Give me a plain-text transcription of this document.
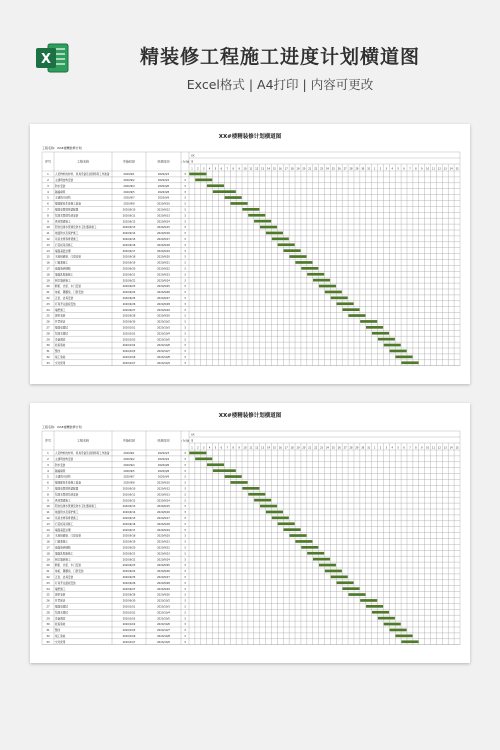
X	精装修工程施工进度计划横道图
Excel格式 | A4打印 | 内容可更改
XX#楼精装修计划横道图
工程名称：XX#楼精装修计划
序号	工程名称	开始时间	结束时间	工作天数
XX
月
1 2 3 4 5 6 7 8 9 10 11 12 13 14 15 16 17 18 19 20 21 22 23 24 25 26 27 28 29 30 31 1 2 3 4 5 6 7 8 9 10 11 12 13 14 15
1 人员物料的材料、机具设备及到现场等工作准备	2020/9/1	2020/9/3	3
2 主建筑结构安装	2020/9/2	2020/9/4	3
3 防水安装	2020/9/4	2020/9/6	3
4 隔墙砌筑	2020/9/5	2020/9/8	3
5 主建筑天结构	2020/9/7	2020/9/9	3
6 强弱配电系统施工准备	2020/9/8	2020/9/10	3
7 强弱电管道预留配置	2020/9/10	2020/9/12	3
8 给排水管道系统安装	2020/9/11	2020/9/13	3
9 供热管道施工	2020/9/12	2020/9/14	3
10 阳台给排水管道及防水卫生器具施工	2020/9/13	2020/9/15	3
11 地面防水及保护施工	2020/9/14	2020/9/16	3
12 吊顶龙骨等骨架施工	2020/9/15	2020/9/17	3
13 石膏板吊顶施工	2020/9/16	2020/9/18	3
14 墙面基层处理	2020/9/17	2020/9/19	3
15 木地板铺装、门扇安装	2020/9/18	2020/9/20	3
16 门窗套施工	2020/9/19	2020/9/21	3
17 地面瓷砖铺贴	2020/9/20	2020/9/22	3
18 墙面乳胶漆施工	2020/9/21	2020/9/23	3
19 厨卫墙砖施工	2020/9/22	2020/9/24	3
20 橱柜、衣柜、木门安装	2020/9/23	2020/9/25	3
21 地板、踢脚线、门套安装	2020/9/24	2020/9/26	3
22 五金、洁具安装	2020/9/25	2020/9/27	3
23 灯具开关面板安装	2020/9/26	2020/9/28	3
24 墙纸施工	2020/9/27	2020/9/29	3
25 窗帘安装	2020/9/28	2020/9/30	3
26 开荒保洁	2020/9/30	2020/10/2	3
27 强弱电调试	2020/10/1	2020/10/3	3
28 给排水调试	2020/10/2	2020/10/4	3
29 设备调试	2020/10/3	2020/10/5	3
30 检查验收	2020/10/4	2020/10/6	3
31 整改	2020/10/5	2020/10/7	3
32 竣工验收	2020/10/6	2020/10/8	3
33 交付使用	2020/10/7	2020/10/9	3
XX#楼精装修计划横道图
工程名称：XX#楼精装修计划
序号	工程名称	开始时间	结束时间	工作天数
XX
月
1 2 3 4 5 6 7 8 9 10 11 12 13 14 15 16 17 18 19 20 21 22 23 24 25 26 27 28 29 30 31 1 2 3 4 5 6 7 8 9 10 11 12 13 14 15
1 人员物料的材料、机具设备及到现场等工作准备	2020/9/1	2020/9/3	3
2 主建筑结构安装	2020/9/2	2020/9/4	3
3 防水安装	2020/9/4	2020/9/6	3
4 隔墙砌筑	2020/9/5	2020/9/8	3
5 主建筑天结构	2020/9/7	2020/9/9	3
6 强弱配电系统施工准备	2020/9/8	2020/9/10	3
7 强弱电管道预留配置	2020/9/10	2020/9/12	3
8 给排水管道系统安装	2020/9/11	2020/9/13	3
9 供热管道施工	2020/9/12	2020/9/14	3
10 阳台给排水管道及防水卫生器具施工	2020/9/13	2020/9/15	3
11 地面防水及保护施工	2020/9/14	2020/9/16	3
12 吊顶龙骨等骨架施工	2020/9/15	2020/9/17	3
13 石膏板吊顶施工	2020/9/16	2020/9/18	3
14 墙面基层处理	2020/9/17	2020/9/19	3
15 木地板铺装、门扇安装	2020/9/18	2020/9/20	3
16 门窗套施工	2020/9/19	2020/9/21	3
17 地面瓷砖铺贴	2020/9/20	2020/9/22	3
18 墙面乳胶漆施工	2020/9/21	2020/9/23	3
19 厨卫墙砖施工	2020/9/22	2020/9/24	3
20 橱柜、衣柜、木门安装	2020/9/23	2020/9/25	3
21 地板、踢脚线、门套安装	2020/9/24	2020/9/26	3
22 五金、洁具安装	2020/9/25	2020/9/27	3
23 灯具开关面板安装	2020/9/26	2020/9/28	3
24 墙纸施工	2020/9/27	2020/9/29	3
25 窗帘安装	2020/9/28	2020/9/30	3
26 开荒保洁	2020/9/30	2020/10/2	3
27 强弱电调试	2020/10/1	2020/10/3	3
28 给排水调试	2020/10/2	2020/10/4	3
29 设备调试	2020/10/3	2020/10/5	3
30 检查验收	2020/10/4	2020/10/6	3
31 整改	2020/10/5	2020/10/7	3
32 竣工验收	2020/10/6	2020/10/8	3
33 交付使用	2020/10/7	2020/10/9	3
